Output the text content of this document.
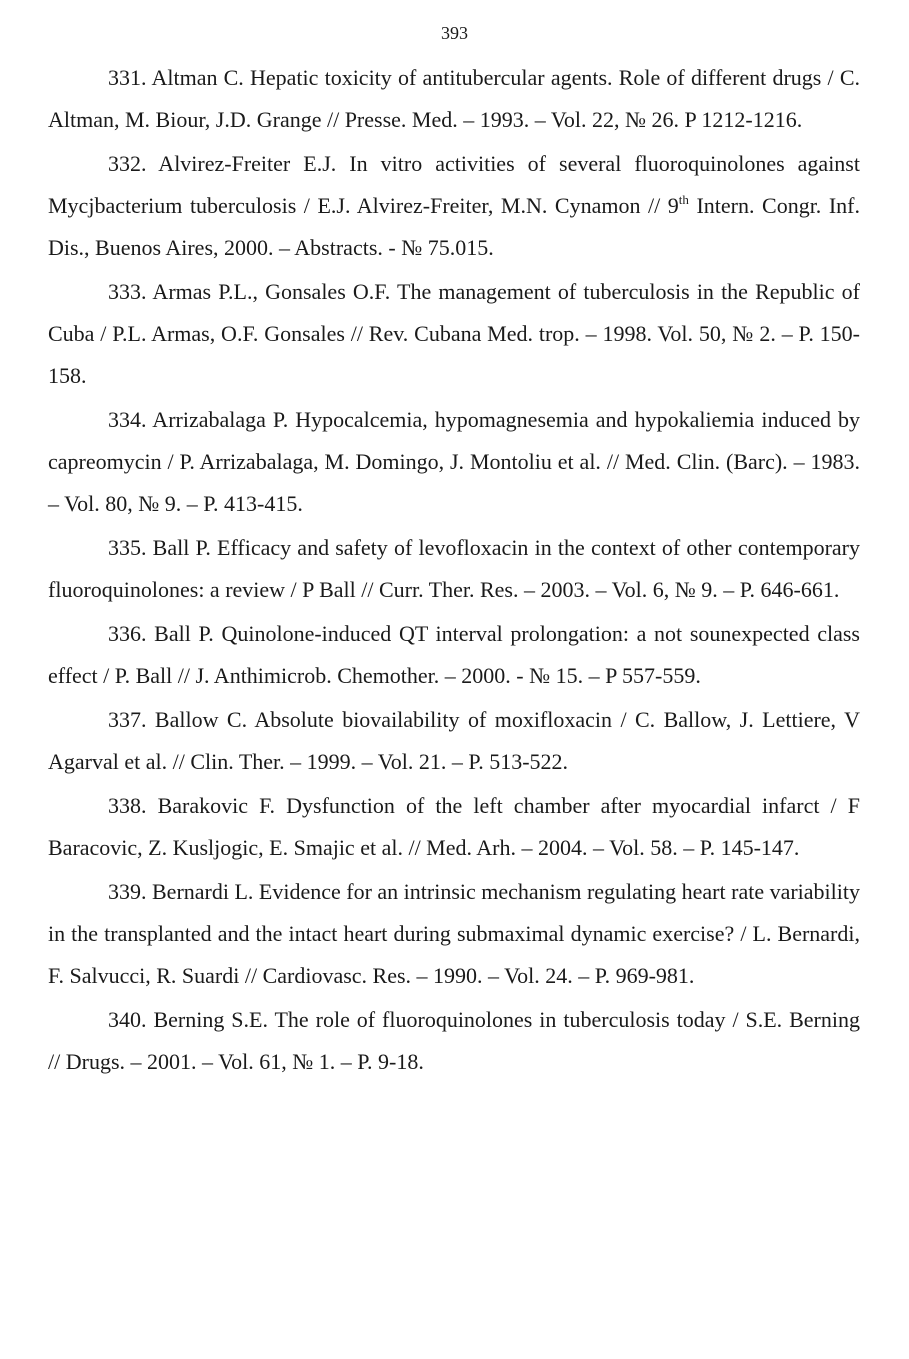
393

331. Altman C. Hepatic toxicity of antitubercular agents. Role of different drugs / C. Altman, M. Biour, J.D. Grange // Presse. Med. – 1993. – Vol. 22, № 26. P 1212-1216.

332. Alvirez-Freiter E.J. In vitro activities of several fluoroquinolones against Mycjbacterium tuberculosis / E.J. Alvirez-Freiter, M.N. Cynamon // 9th Intern. Congr. Inf. Dis., Buenos Aires, 2000. – Abstracts. - № 75.015.

333. Armas P.L., Gonsales O.F. The management of tuberculosis in the Republic of Cuba / P.L. Armas, O.F. Gonsales // Rev. Cubana Med. trop. – 1998. Vol. 50, № 2. – P. 150-158.

334. Arrizabalaga P. Hypocalcemia, hypomagnesemia and hypokaliemia induced by capreomycin / P. Arrizabalaga, M. Domingo, J. Montoliu et al. // Med. Clin. (Barc). – 1983. – Vol. 80, № 9. – P. 413-415.

335. Ball P. Efficacy and safety of levofloxacin in the context of other contemporary fluoroquinolones: a review / P Ball // Curr. Ther. Res. – 2003. – Vol. 6, № 9. – P. 646-661.

336. Ball P. Quinolone-induced QT interval prolongation: a not sounexpected class effect / P. Ball // J. Anthimicrob. Chemother. – 2000. - № 15. – P 557-559.

337. Ballow C. Absolute biovailability of moxifloxacin / C. Ballow, J. Lettiere, V Agarval et al. // Clin. Ther. – 1999. – Vol. 21. – P. 513-522.

338. Barakovic F. Dysfunction of the left chamber after myocardial infarct / F Baracovic, Z. Kusljogic, E. Smajic et al. // Med. Arh. – 2004. – Vol. 58. – P. 145-147.

339. Bernardi L. Evidence for an intrinsic mechanism regulating heart rate variability in the transplanted and the intact heart during submaximal dynamic exercise? / L. Bernardi, F. Salvucci, R. Suardi // Cardiovasc. Res. – 1990. – Vol. 24. – P. 969-981.

340. Berning S.E. The role of fluoroquinolones in tuberculosis today / S.E. Berning // Drugs. – 2001. – Vol. 61, № 1. – P. 9-18.
